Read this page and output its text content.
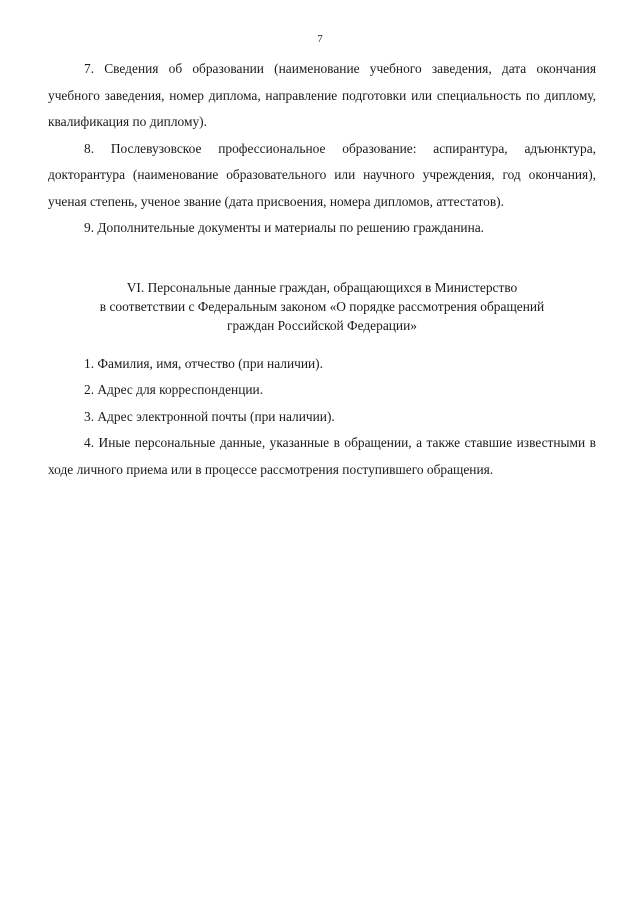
7

7. Сведения об образовании (наименование учебного заведения, дата окончания учебного заведения, номер диплома, направление подготовки или специальность по диплому, квалификация по диплому).

8. Послевузовское профессиональное образование: аспирантура, адъюнктура, докторантура (наименование образовательного или научного учреждения, год окончания), ученая степень, ученое звание (дата присвоения, номера дипломов, аттестатов).

9. Дополнительные документы и материалы по решению гражданина.

VI. Персональные данные граждан, обращающихся в Министерство
в соответствии с Федеральным законом «О порядке рассмотрения обращений
граждан Российской Федерации»

1. Фамилия, имя, отчество (при наличии).

2. Адрес для корреспонденции.

3. Адрес электронной почты (при наличии).

4. Иные персональные данные, указанные в обращении, а также ставшие известными в ходе личного приема или в процессе рассмотрения поступившего обращения.
